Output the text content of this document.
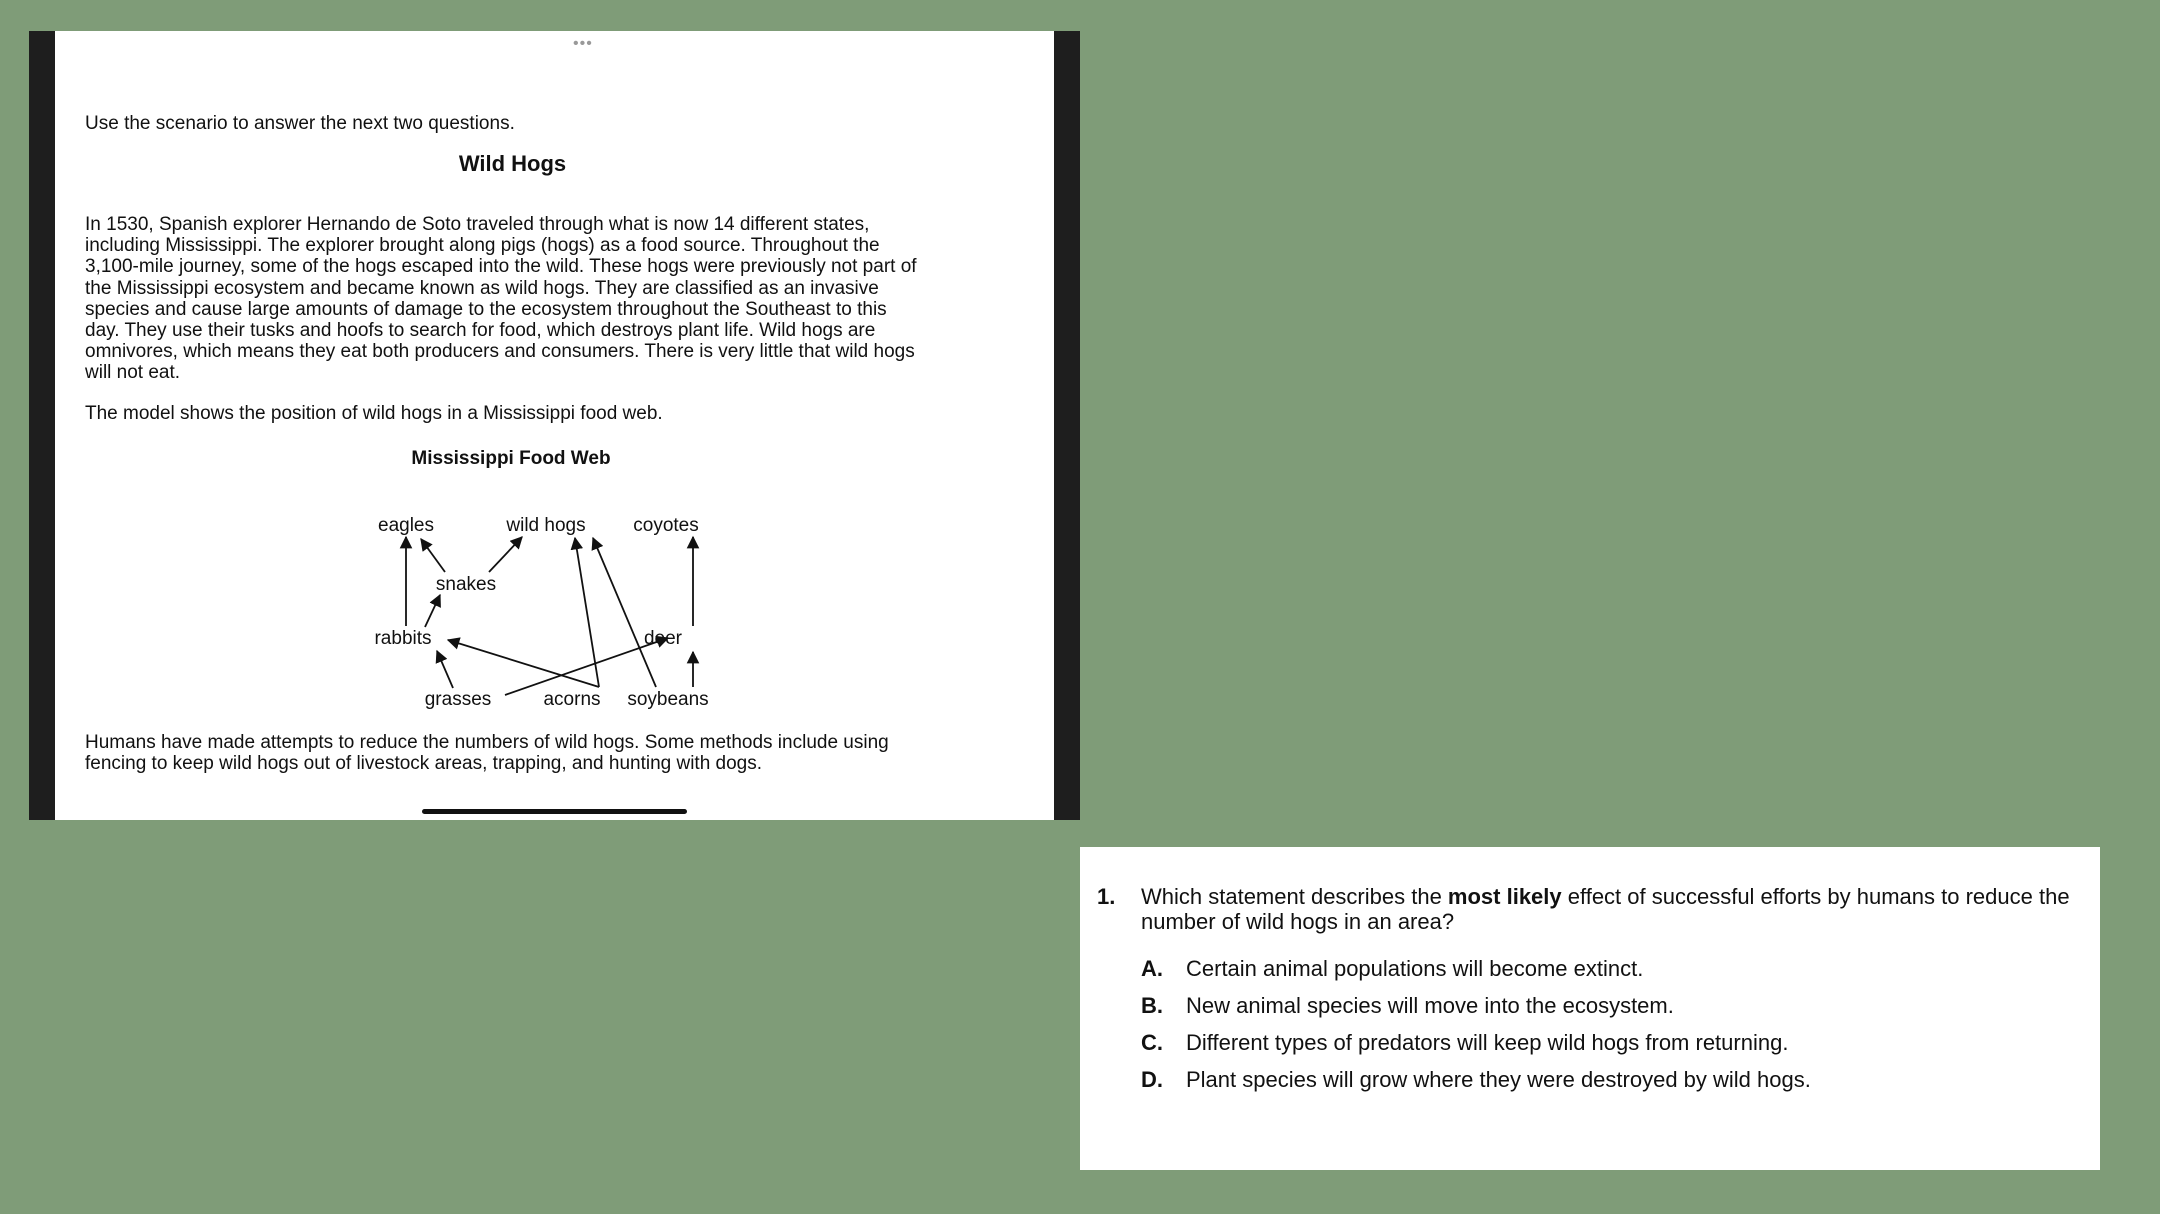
•••
Use the scenario to answer the next two questions.
Wild Hogs
In 1530, Spanish explorer Hernando de Soto traveled through what is now 14 different states,
including Mississippi. The explorer brought along pigs (hogs) as a food source. Throughout the
3,100-mile journey, some of the hogs escaped into the wild. These hogs were previously not part of
the Mississippi ecosystem and became known as wild hogs. They are classified as an invasive
species and cause large amounts of damage to the ecosystem throughout the Southeast to this
day. They use their tusks and hoofs to search for food, which destroys plant life. Wild hogs are
omnivores, which means they eat both producers and consumers. There is very little that wild hogs
will not eat.
The model shows the position of wild hogs in a Mississippi food web.
Mississippi Food Web
eagles	wild hogs	coyotes
snakes
rabbits	deer
grasses	acorns soybeans
Humans have made attempts to reduce the numbers of wild hogs. Some methods include using
fencing to keep wild hogs out of livestock areas, trapping, and hunting with dogs.
1. Which statement describes the most likely effect of successful efforts by humans to reduce the number of wild hogs in an area?
A. Certain animal populations will become extinct.
B. New animal species will move into the ecosystem.
C. Different types of predators will keep wild hogs from returning.
D. Plant species will grow where they were destroyed by wild hogs.
